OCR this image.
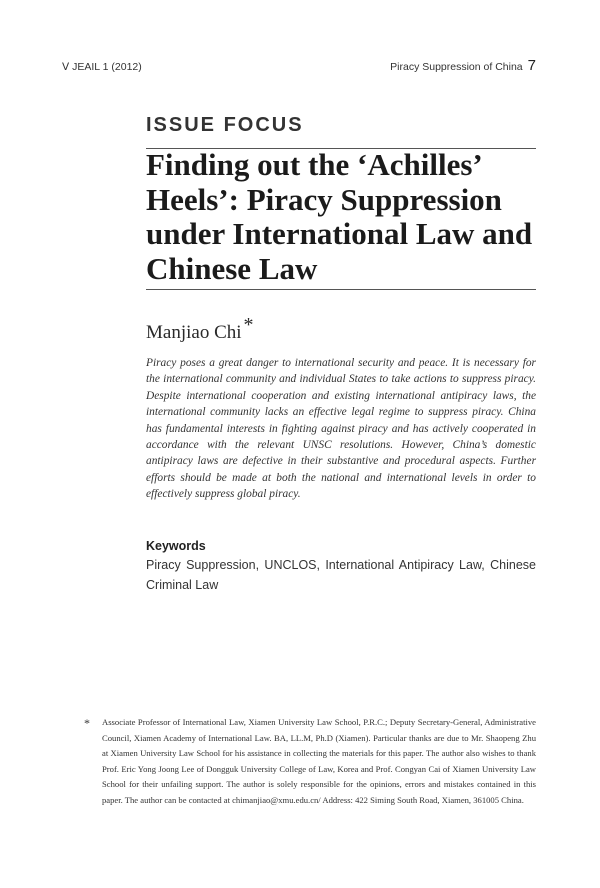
Ⅴ JEAIL 1 (2012)	Piracy Suppression of China 7
ISSUE FOCUS
Finding out the ‘Achilles’ Heels’: Piracy Suppression under International Law and Chinese Law
Manjiao Chi *

Piracy poses a great danger to international security and peace. It is necessary for the international community and individual States to take actions to suppress piracy. Despite international cooperation and existing international antipiracy laws, the international community lacks an effective legal regime to suppress piracy. China has fundamental interests in fighting against piracy and has actively cooperated in accordance with the relevant UNSC resolutions. However, China’s domestic antipiracy laws are defective in their substantive and procedural aspects. Further efforts should be made at both the national and international levels in order to effectively suppress global piracy.

Keywords

Piracy Suppression, UNCLOS, International Antipiracy Law, Chinese Criminal Law

* Associate Professor of International Law, Xiamen University Law School, P.R.C.; Deputy Secretary-General, Administrative Council, Xiamen Academy of International Law. BA, LL.M, Ph.D (Xiamen). Particular thanks are due to Mr. Shaopeng Zhu at Xiamen University Law School for his assistance in collecting the materials for this paper. The author also wishes to thank Prof. Eric Yong Joong Lee of Dongguk University College of Law, Korea and Prof. Congyan Cai of Xiamen University Law School for their unfailing support. The author is solely responsible for the opinions, errors and mistakes contained in this paper. The author can be contacted at chimanjiao@xmu.edu.cn/ Address: 422 Siming South Road, Xiamen, 361005 China.
